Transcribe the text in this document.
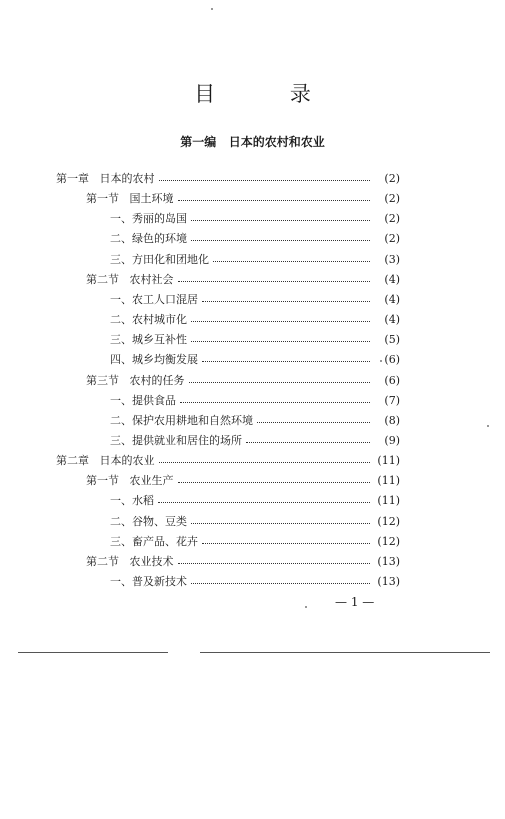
目 录
第一编   日本的农村和农业
第一章   日本的农村	(2)
第一节   国土环境	(2)
一、秀丽的岛国	(2)
二、绿色的环境	(2)
三、方田化和团地化	(3)
第二节   农村社会	(4)
一、农工人口混居	(4)
二、农村城市化	(4)
三、城乡互补性	(5)
四、城乡均衡发展	(6)
第三节   农村的任务	(6)
一、提供食品	(7)
二、保护农用耕地和自然环境	(8)
三、提供就业和居住的场所	(9)
第二章   日本的农业	(11)
第一节   农业生产	(11)
一、水稻	(11)
二、谷物、豆类	(12)
三、畜产品、花卉	(12)
第二节   农业技术	(13)
一、普及新技术	(13)
— 1 —
